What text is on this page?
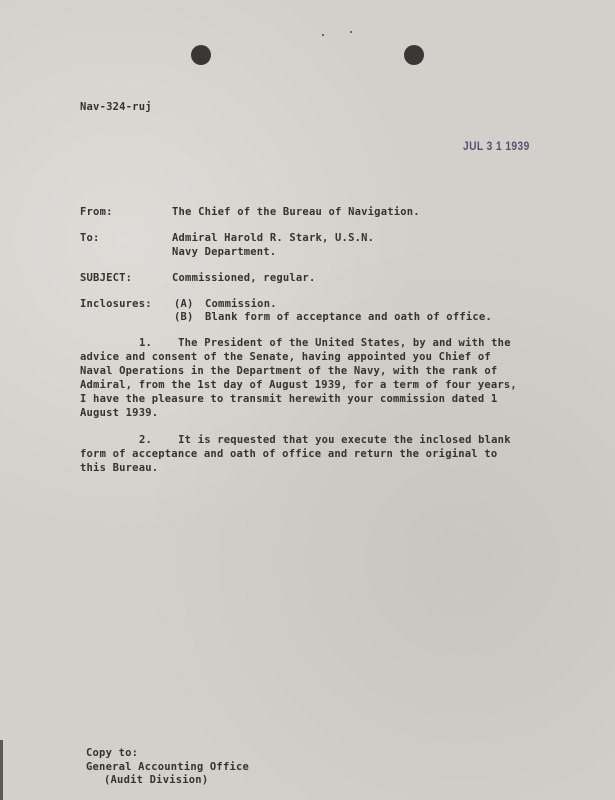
Nav-324-ruj
JUL 3 1 1939
From:	The Chief of the Bureau of Navigation.
To:	Admiral Harold R. Stark, U.S.N.
Navy Department.
SUBJECT:	Commissioned, regular.
Inclosures: (A) Commission.
(B) Blank form of acceptance and oath of office.
1.    The President of the United States, by and with the
advice and consent of the Senate, having appointed you Chief of
Naval Operations in the Department of the Navy, with the rank of
Admiral, from the 1st day of August 1939, for a term of four years,
I have the pleasure to transmit herewith your commission dated 1
August 1939.
2.    It is requested that you execute the inclosed blank
form of acceptance and oath of office and return the original to
this Bureau.
Copy to:
General Accounting Office
(Audit Division)
